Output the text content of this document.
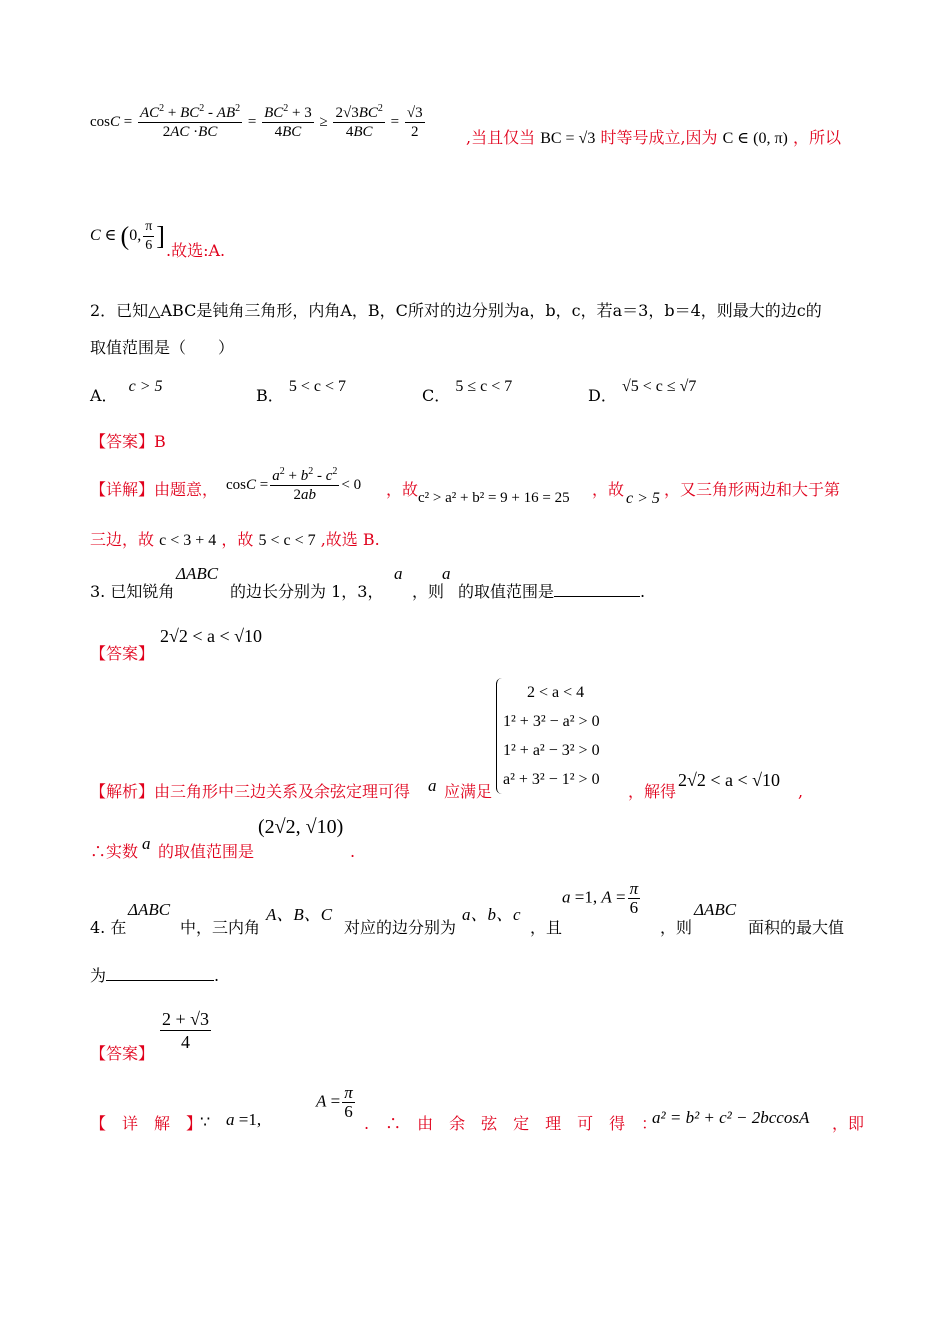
$\cos C = \frac{AC^2 + BC^2 - AB^2}{2AC \cdot BC} = \frac{BC^2 + 3}{4BC} \ge \frac{2√3BC^2}{4BC} = \frac{√3}{2}$	,当且仅当 BC = √3 时等号成立,因为 C ∈ (0, π) ，所以
C ∈ (0, $\frac{\pi}{6}$ ] .故选:A.
2．已知△ABC是钝角三角形，内角A，B，C所对的边分别为a，b，c，若a＝3，b＝4，则最大的边c的
取值范围是（　　）
A． c > 5	B． 5 < c < 7	C． 5 ≤ c < 7	D． √5 < c ≤ √7
【答案】B
【详解】由题意， $\cos C = \frac{a^2 + b^2 - c^2}{2ab} < 0$ ，故 c² > a² + b² = 9 + 16 = 25 ，故 c > 5 ，又三角形两边和大于第
三边，故 c < 3 + 4 ，故 5 < c < 7 ,故选 B.
3. 已知锐角
ΔABC
的边长分别为 1，3，
a
，则
a
的取值范围是	.
【答案】
2√2 < a < √10
【解析】由三角形中三边关系及余弦定理可得 a 应满足
2 < a < 4
1² + 3² − a² > 0
1² + a² − 3² > 0
a² + 3² − 1² > 0
，解得
2√2 < a < √10
,
∴实数 a 的取值范围是
(2√2, √10)
.
4. 在
ΔABC
中，三内角
A、B、C
对应的边分别为
a、b、c
，且
a =1, $A = \frac{\pi}{6}$
，则
ΔABC
面积的最大值
为	.
【答案】
$\frac{2 + √3}{4}$
【　详　解　】
∵ a =1,
$A = \frac{\pi}{6}$
.　∴　由　余　弦　定　理　可　得　：
a² = b² + c² − 2bccosA ，即
